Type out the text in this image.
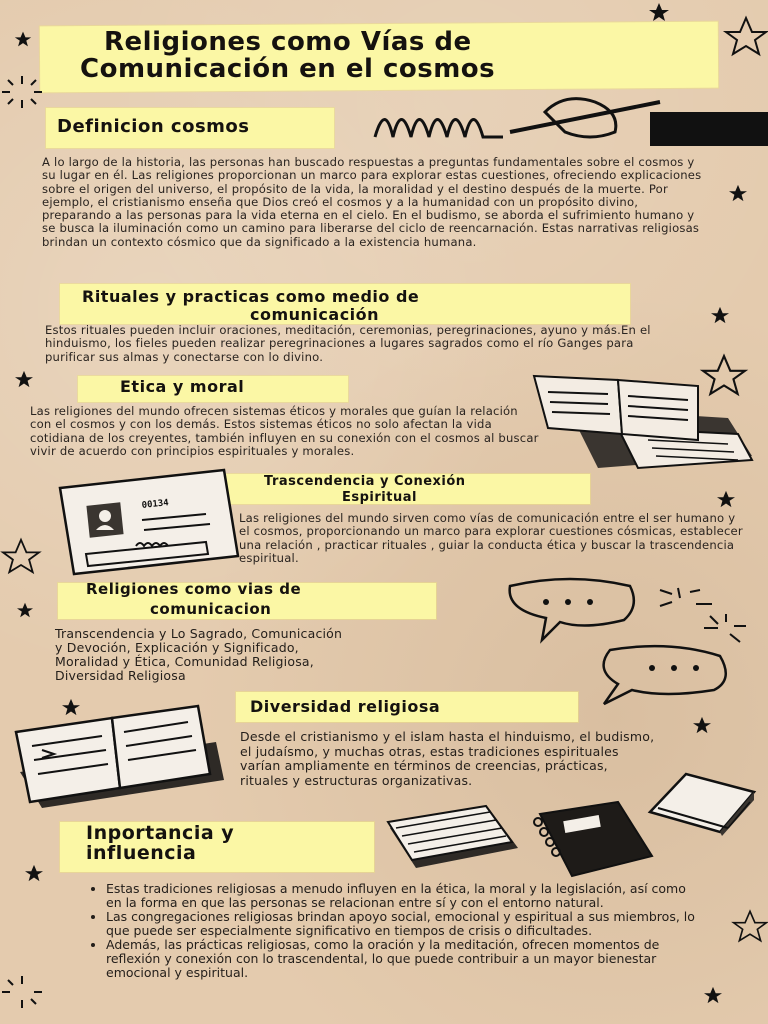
Religiones como Vías de
Comunicación en el cosmos
Definicion cosmos
A lo largo de la historia, las personas han buscado respuestas a preguntas fundamentales sobre el cosmos y su lugar en él. Las religiones proporcionan un marco para explorar estas cuestiones, ofreciendo explicaciones sobre el origen del universo, el propósito de la vida, la moralidad y el destino después de la muerte. Por ejemplo, el cristianismo enseña que Dios creó el cosmos y a la humanidad con un propósito divino, preparando a las personas para la vida eterna en el cielo. En el budismo, se aborda el sufrimiento humano y se busca la iluminación como un camino para liberarse del ciclo de reencarnación. Estas narrativas religiosas brindan un contexto cósmico que da significado a la existencia humana.
Rituales y practicas como medio de
comunicación
Estos rituales pueden incluir oraciones, meditación, ceremonias, peregrinaciones, ayuno y más.En el hinduismo, los fieles pueden realizar peregrinaciones a lugares sagrados como el río Ganges para purificar sus almas y conectarse con lo divino.
Etica y moral
Las religiones del mundo ofrecen sistemas éticos y morales que guían la relación con el cosmos y con los demás. Estos sistemas éticos no solo afectan la vida cotidiana de los creyentes, también influyen en su conexión con el cosmos al buscar vivir de acuerdo con principios espirituales y morales.
Trascendencia y Conexión
Espiritual
Las religiones del mundo sirven como vías de comunicación entre el ser humano y el cosmos, proporcionando un marco para explorar cuestiones cósmicas, establecer una relación , practicar rituales , guiar la conducta ética y buscar la trascendencia espiritual.
Religiones como vias de
comunicacion
Transcendencia y Lo Sagrado, Comunicación
y Devoción, Explicación y Significado,
Moralidad y Ética, Comunidad Religiosa,
Diversidad Religiosa
Diversidad religiosa
Desde el cristianismo y el islam hasta el hinduismo, el budismo, el judaísmo, y muchas otras, estas tradiciones espirituales varían ampliamente en términos de creencias, prácticas, rituales y estructuras organizativas.
Inportancia y
influencia
• Estas tradiciones religiosas a menudo influyen en la ética, la moral y la legislación, así como en la forma en que las personas se relacionan entre sí y con el entorno natural.
• Las congregaciones religiosas brindan apoyo social, emocional y espiritual a sus miembros, lo que puede ser especialmente significativo en tiempos de crisis o dificultades.
• Además, las prácticas religiosas, como la oración y la meditación, ofrecen momentos de reflexión y conexión con lo trascendental, lo que puede contribuir a un mayor bienestar emocional y espiritual.
00134
